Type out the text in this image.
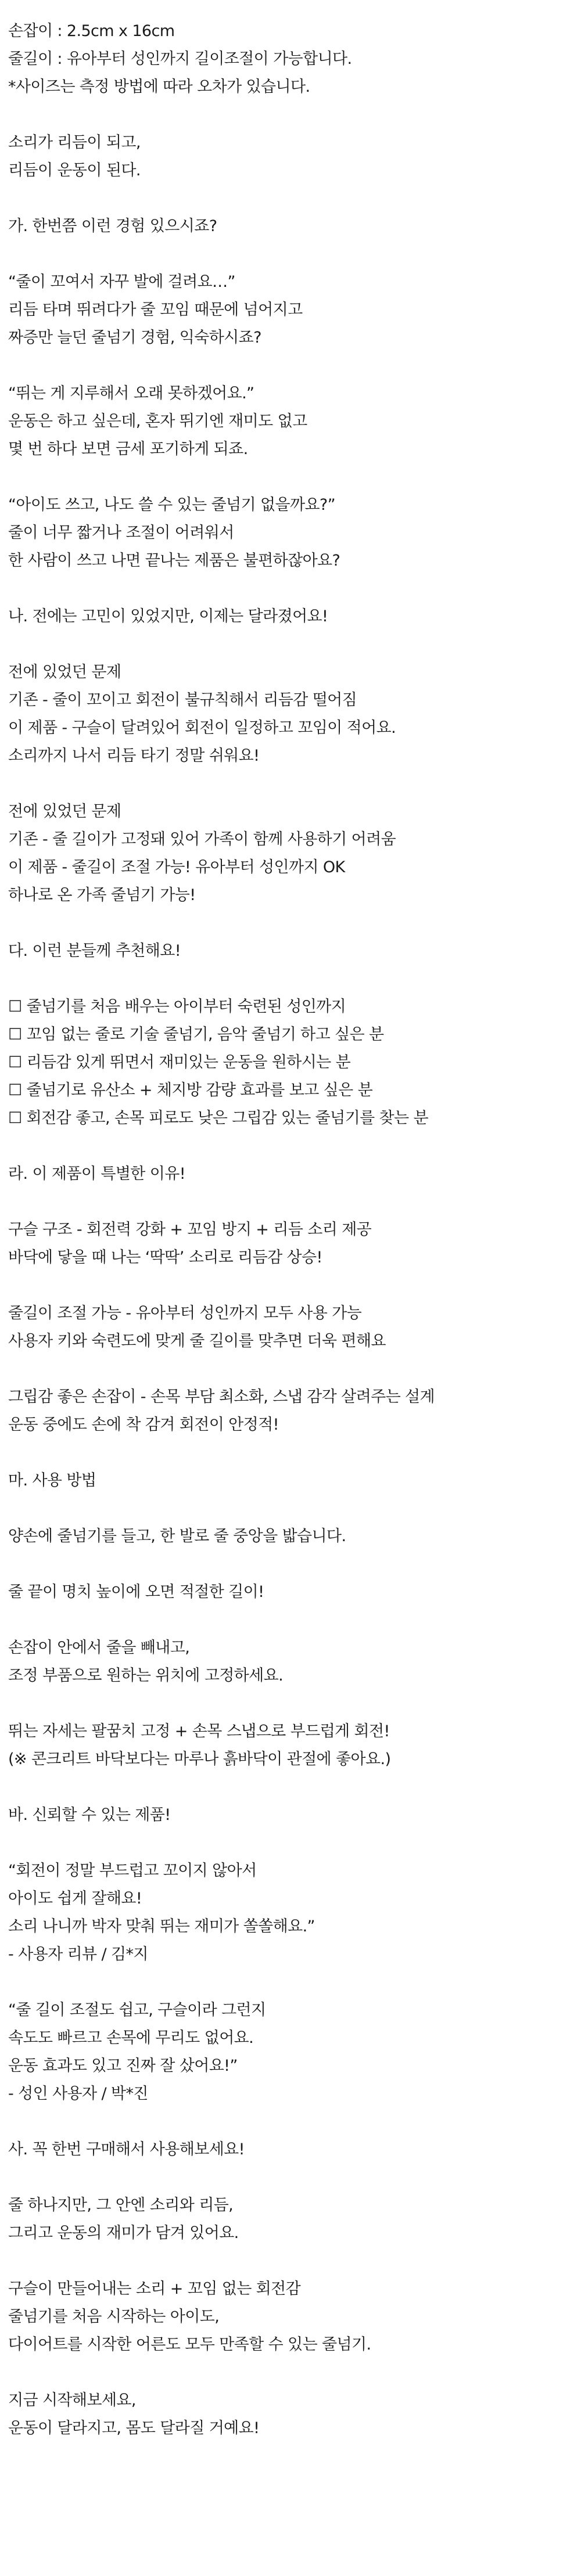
손잡이 : 2.5cm x 16cm
줄길이 : 유아부터 성인까지 길이조절이 가능합니다.
*사이즈는 측정 방법에 따라 오차가 있습니다.
소리가 리듬이 되고,
리듬이 운동이 된다.
가. 한번쯤 이런 경험 있으시죠?
“줄이 꼬여서 자꾸 발에 걸려요…”
리듬 타며 뛰려다가 줄 꼬임 때문에 넘어지고
짜증만 늘던 줄넘기 경험, 익숙하시죠?
“뛰는 게 지루해서 오래 못하겠어요.”
운동은 하고 싶은데, 혼자 뛰기엔 재미도 없고
몇 번 하다 보면 금세 포기하게 되죠.
“아이도 쓰고, 나도 쓸 수 있는 줄넘기 없을까요?”
줄이 너무 짧거나 조절이 어려워서
한 사람이 쓰고 나면 끝나는 제품은 불편하잖아요?
나. 전에는 고민이 있었지만, 이제는 달라졌어요!
전에 있었던 문제
기존 - 줄이 꼬이고 회전이 불규칙해서 리듬감 떨어짐
이 제품 - 구슬이 달려있어 회전이 일정하고 꼬임이 적어요.
소리까지 나서 리듬 타기 정말 쉬워요!
전에 있었던 문제
기존 - 줄 길이가 고정돼 있어 가족이 함께 사용하기 어려움
이 제품 - 줄길이 조절 가능! 유아부터 성인까지 OK
하나로 온 가족 줄넘기 가능!
다. 이런 분들께 추천해요!
☐ 줄넘기를 처음 배우는 아이부터 숙련된 성인까지
☐ 꼬임 없는 줄로 기술 줄넘기, 음악 줄넘기 하고 싶은 분
☐ 리듬감 있게 뛰면서 재미있는 운동을 원하시는 분
☐ 줄넘기로 유산소 + 체지방 감량 효과를 보고 싶은 분
☐ 회전감 좋고, 손목 피로도 낮은 그립감 있는 줄넘기를 찾는 분
라. 이 제품이 특별한 이유!
구슬 구조 - 회전력 강화 + 꼬임 방지 + 리듬 소리 제공
바닥에 닿을 때 나는 ‘딱딱’ 소리로 리듬감 상승!
줄길이 조절 가능 - 유아부터 성인까지 모두 사용 가능
사용자 키와 숙련도에 맞게 줄 길이를 맞추면 더욱 편해요
그립감 좋은 손잡이 - 손목 부담 최소화, 스냅 감각 살려주는 설계
운동 중에도 손에 착 감겨 회전이 안정적!
마. 사용 방법
양손에 줄넘기를 들고, 한 발로 줄 중앙을 밟습니다.
줄 끝이 명치 높이에 오면 적절한 길이!
손잡이 안에서 줄을 빼내고,
조정 부품으로 원하는 위치에 고정하세요.
뛰는 자세는 팔꿈치 고정 + 손목 스냅으로 부드럽게 회전!
(※ 콘크리트 바닥보다는 마루나 흙바닥이 관절에 좋아요.)
바. 신뢰할 수 있는 제품!
“회전이 정말 부드럽고 꼬이지 않아서
아이도 쉽게 잘해요!
소리 나니까 박자 맞춰 뛰는 재미가 쏠쏠해요.”
- 사용자 리뷰 / 김*지
“줄 길이 조절도 쉽고, 구슬이라 그런지
속도도 빠르고 손목에 무리도 없어요.
운동 효과도 있고 진짜 잘 샀어요!”
- 성인 사용자 / 박*진
사. 꼭 한번 구매해서 사용해보세요!
줄 하나지만, 그 안엔 소리와 리듬,
그리고 운동의 재미가 담겨 있어요.
구슬이 만들어내는 소리 + 꼬임 없는 회전감
줄넘기를 처음 시작하는 아이도,
다이어트를 시작한 어른도 모두 만족할 수 있는 줄넘기.
지금 시작해보세요,
운동이 달라지고, 몸도 달라질 거예요!
